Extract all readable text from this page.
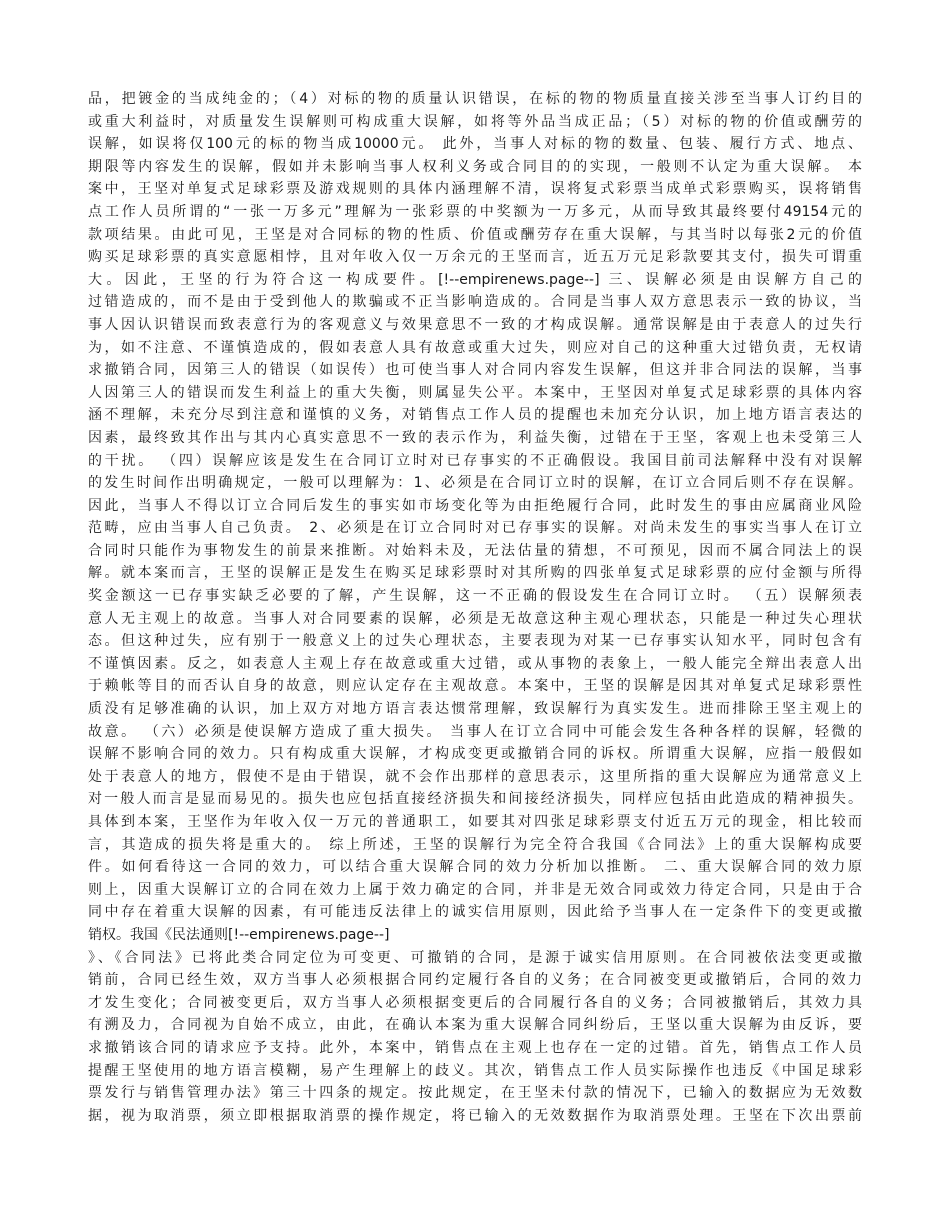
品，把镀金的当成纯金的；（4）对标的物的质量认识错误，在标的物的物质量直接关涉至当事人订约目的
或重大利益时，对质量发生误解则可构成重大误解，如将等外品当成正品；（5）对标的物的价值或酬劳的
误解，如误将仅100元的标的物当成10000元。 此外，当事人对标的物的数量、包装、履行方式、地点、
期限等内容发生的误解，假如并未影响当事人权利义务或合同目的的实现，一般则不认定为重大误解。 本
案中，王坚对单复式足球彩票及游戏规则的具体内涵理解不清，误将复式彩票当成单式彩票购买，误将销售
点工作人员所谓的“一张一万多元”理解为一张彩票的中奖额为一万多元，从而导致其最终要付49154元的
款项结果。由此可见，王坚是对合同标的物的性质、价值或酬劳存在重大误解，与其当时以每张2元的价值
购买足球彩票的真实意愿相悖，且对年收入仅一万余元的王坚而言，近五万元足彩款要其支付，损失可谓重
大。因此，王坚的行为符合这一构成要件。[!--empirenews.page--] 三、误解必须是由误解方自己的
过错造成的，而不是由于受到他人的欺骗或不正当影响造成的。合同是当事人双方意思表示一致的协议，当
事人因认识错误而致表意行为的客观意义与效果意思不一致的才构成误解。通常误解是由于表意人的过失行
为，如不注意、不谨慎造成的，假如表意人具有故意或重大过失，则应对自己的这种重大过错负责，无权请
求撤销合同，因第三人的错误（如误传）也可使当事人对合同内容发生误解，但这并非合同法的误解，当事
人因第三人的错误而发生利益上的重大失衡，则属显失公平。本案中，王坚因对单复式足球彩票的具体内容
涵不理解，未充分尽到注意和谨慎的义务，对销售点工作人员的提醒也未加充分认识，加上地方语言表达的
因素，最终致其作出与其内心真实意思不一致的表示作为，利益失衡，过错在于王坚，客观上也未受第三人
的干扰。 （四）误解应该是发生在合同订立时对已存事实的不正确假设。我国目前司法解释中没有对误解
的发生时间作出明确规定，一般可以理解为：1、必须是在合同订立时的误解，在订立合同后则不存在误解。
因此，当事人不得以订立合同后发生的事实如市场变化等为由拒绝履行合同，此时发生的事由应属商业风险
范畴，应由当事人自己负责。 2、必须是在订立合同时对已存事实的误解。对尚未发生的事实当事人在订立
合同时只能作为事物发生的前景来推断。对始料未及，无法估量的猜想，不可预见，因而不属合同法上的误
解。就本案而言，王坚的误解正是发生在购买足球彩票时对其所购的四张单复式足球彩票的应付金额与所得
奖金额这一已存事实缺乏必要的了解，产生误解，这一不正确的假设发生在合同订立时。 （五）误解须表
意人无主观上的故意。当事人对合同要素的误解，必须是无故意这种主观心理状态，只能是一种过失心理状
态。但这种过失，应有别于一般意义上的过失心理状态，主要表现为对某一已存事实认知水平，同时包含有
不谨慎因素。反之，如表意人主观上存在故意或重大过错，或从事物的表象上，一般人能完全辩出表意人出
于赖帐等目的而否认自身的故意，则应认定存在主观故意。本案中，王坚的误解是因其对单复式足球彩票性
质没有足够准确的认识，加上双方对地方语言表达惯常理解，致误解行为真实发生。进而排除王坚主观上的
故意。 （六）必须是使误解方造成了重大损失。 当事人在订立合同中可能会发生各种各样的误解，轻微的
误解不影响合同的效力。只有构成重大误解，才构成变更或撤销合同的诉权。所谓重大误解，应指一般假如
处于表意人的地方，假使不是由于错误，就不会作出那样的意思表示，这里所指的重大误解应为通常意义上
对一般人而言是显而易见的。损失也应包括直接经济损失和间接经济损失，同样应包括由此造成的精神损失。
具体到本案，王坚作为年收入仅一万元的普通职工，如要其对四张足球彩票支付近五万元的现金，相比较而
言，其造成的损失将是重大的。 综上所述，王坚的误解行为完全符合我国《合同法》上的重大误解构成要
件。如何看待这一合同的效力，可以结合重大误解合同的效力分析加以推断。 二、重大误解合同的效力原
则上，因重大误解订立的合同在效力上属于效力确定的合同，并非是无效合同或效力待定合同，只是由于合
同中存在着重大误解的因素，有可能违反法律上的诚实信用原则，因此给予当事人在一定条件下的变更或撤
销权。我国《民法通则[!--empirenews.page--]
》、《合同法》已将此类合同定位为可变更、可撤销的合同，是源于诚实信用原则。在合同被依法变更或撤
销前，合同已经生效，双方当事人必须根据合同约定履行各自的义务；在合同被变更或撤销后，合同的效力
才发生变化；合同被变更后，双方当事人必须根据变更后的合同履行各自的义务；合同被撤销后，其效力具
有溯及力，合同视为自始不成立，由此，在确认本案为重大误解合同纠纷后，王坚以重大误解为由反诉，要
求撤销该合同的请求应予支持。此外，本案中，销售点在主观上也存在一定的过错。首先，销售点工作人员
提醒王坚使用的地方语言模糊，易产生理解上的歧义。其次，销售点工作人员实际操作也违反《中国足球彩
票发行与销售管理办法》第三十四条的规定。按此规定，在王坚未付款的情况下，已输入的数据应为无效数
据，视为取消票，须立即根据取消票的操作规定，将已输入的无效数据作为取消票处理。王坚在下次出票前
